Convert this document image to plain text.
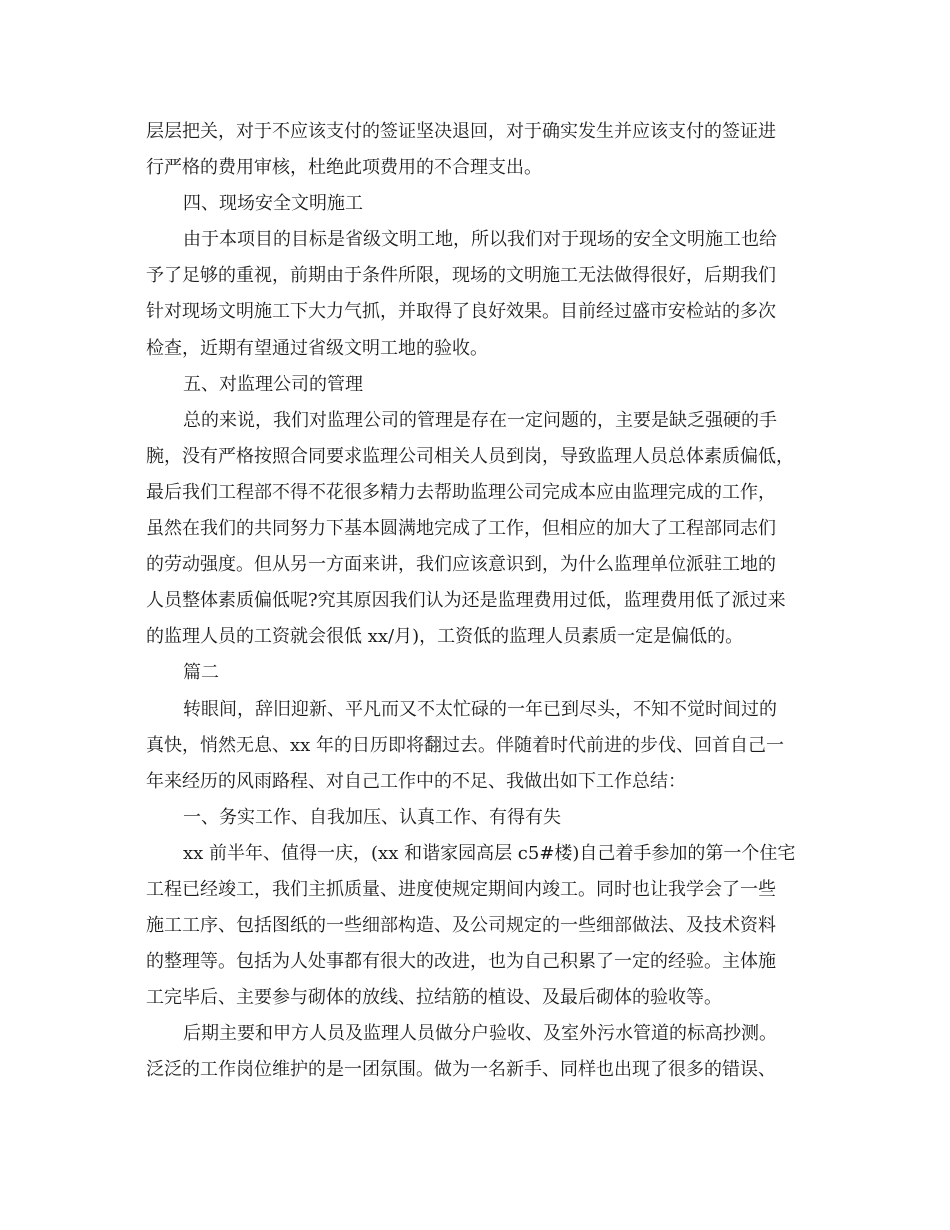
层层把关，对于不应该支付的签证坚决退回，对于确实发生并应该支付的签证进
行严格的费用审核，杜绝此项费用的不合理支出。
四、现场安全文明施工
由于本项目的目标是省级文明工地，所以我们对于现场的安全文明施工也给
予了足够的重视，前期由于条件所限，现场的文明施工无法做得很好，后期我们
针对现场文明施工下大力气抓，并取得了良好效果。目前经过盛市安检站的多次
检查，近期有望通过省级文明工地的验收。
五、对监理公司的管理
总的来说，我们对监理公司的管理是存在一定问题的，主要是缺乏强硬的手
腕，没有严格按照合同要求监理公司相关人员到岗，导致监理人员总体素质偏低，
最后我们工程部不得不花很多精力去帮助监理公司完成本应由监理完成的工作，
虽然在我们的共同努力下基本圆满地完成了工作，但相应的加大了工程部同志们
的劳动强度。但从另一方面来讲，我们应该意识到，为什么监理单位派驻工地的
人员整体素质偏低呢?究其原因我们认为还是监理费用过低，监理费用低了派过来
的监理人员的工资就会很低 xx/月)，工资低的监理人员素质一定是偏低的。
篇二
转眼间，辞旧迎新、平凡而又不太忙碌的一年已到尽头，不知不觉时间过的
真快，悄然无息、xx 年的日历即将翻过去。伴随着时代前进的步伐、回首自己一
年来经历的风雨路程、对自己工作中的不足、我做出如下工作总结：
一、务实工作、自我加压、认真工作、有得有失
xx 前半年、值得一庆，(xx 和谐家园高层 c5#楼)自己着手参加的第一个住宅
工程已经竣工，我们主抓质量、进度使规定期间内竣工。同时也让我学会了一些
施工工序、包括图纸的一些细部构造、及公司规定的一些细部做法、及技术资料
的整理等。包括为人处事都有很大的改进，也为自己积累了一定的经验。主体施
工完毕后、主要参与砌体的放线、拉结筋的植设、及最后砌体的验收等。
后期主要和甲方人员及监理人员做分户验收、及室外污水管道的标高抄测。
泛泛的工作岗位维护的是一团氛围。做为一名新手、同样也出现了很多的错误、
